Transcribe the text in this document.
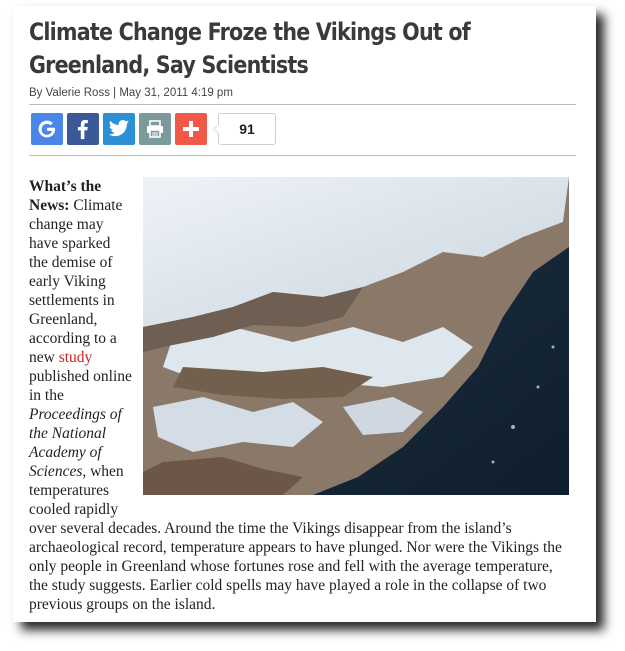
Climate Change Froze the Vikings Out of Greenland, Say Scientists
By Valerie Ross | May 31, 2011 4:19 pm
91
What’s the News: Climate change may have sparked the demise of early Viking settlements in Greenland, according to a new study published online in the Proceedings of the National Academy of Sciences, when temperatures cooled rapidly over several decades. Around the time the Vikings disappear from the island’s archaeological record, temperature appears to have plunged. Nor were the Vikings the only people in Greenland whose fortunes rose and fell with the average temperature, the study suggests. Earlier cold spells may have played a role in the collapse of two previous groups on the island.
